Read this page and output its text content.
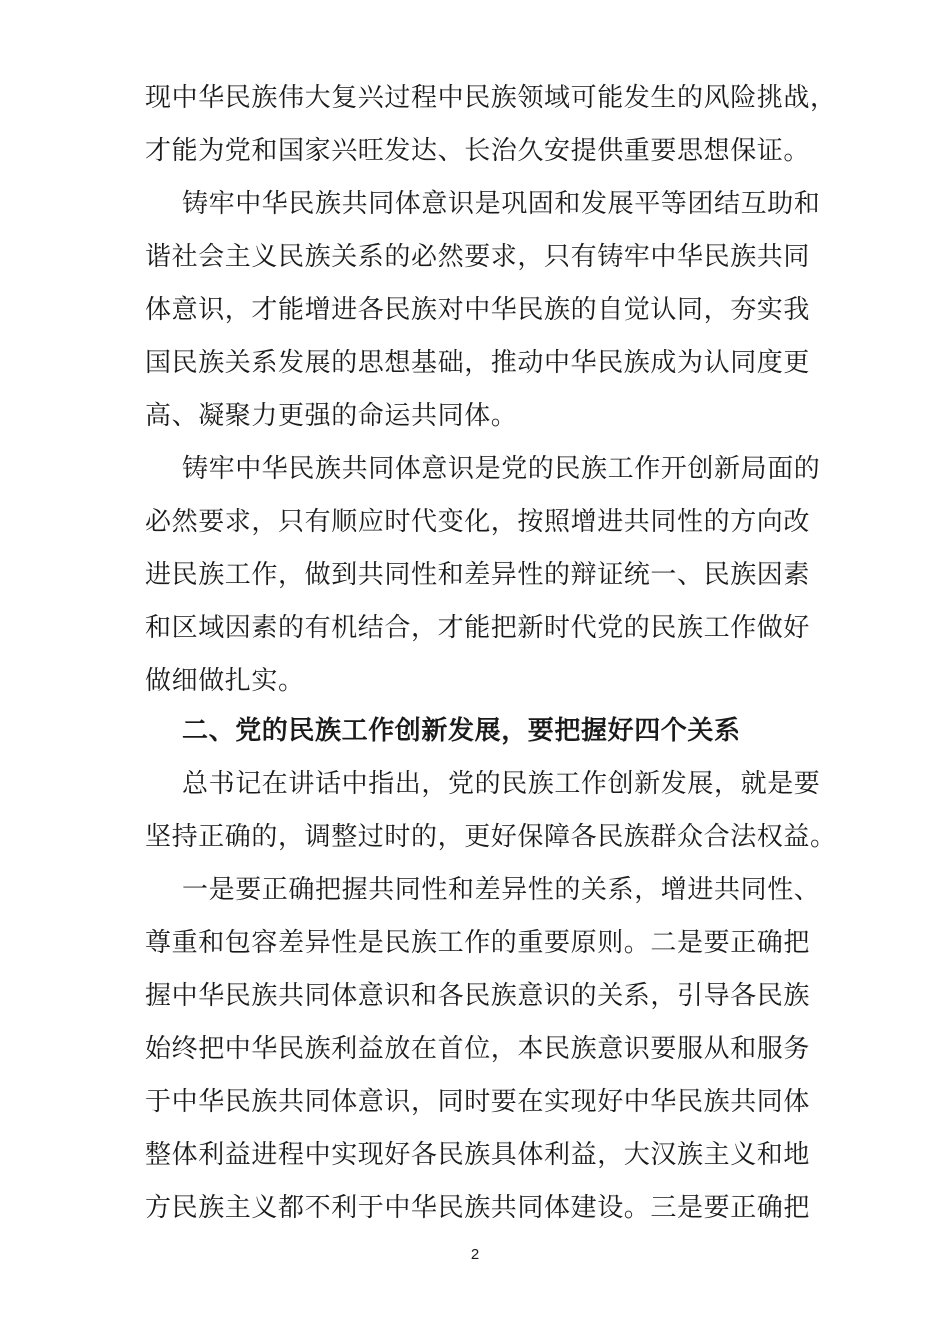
现中华民族伟大复兴过程中民族领域可能发生的风险挑战，
才能为党和国家兴旺发达、长治久安提供重要思想保证。
铸牢中华民族共同体意识是巩固和发展平等团结互助和
谐社会主义民族关系的必然要求，只有铸牢中华民族共同
体意识，才能增进各民族对中华民族的自觉认同，夯实我
国民族关系发展的思想基础，推动中华民族成为认同度更
高、凝聚力更强的命运共同体。
铸牢中华民族共同体意识是党的民族工作开创新局面的
必然要求，只有顺应时代变化，按照增进共同性的方向改
进民族工作，做到共同性和差异性的辩证统一、民族因素
和区域因素的有机结合，才能把新时代党的民族工作做好
做细做扎实。
二、党的民族工作创新发展，要把握好四个关系
总书记在讲话中指出，党的民族工作创新发展，就是要
坚持正确的，调整过时的，更好保障各民族群众合法权益。
一是要正确把握共同性和差异性的关系，增进共同性、
尊重和包容差异性是民族工作的重要原则。二是要正确把
握中华民族共同体意识和各民族意识的关系，引导各民族
始终把中华民族利益放在首位，本民族意识要服从和服务
于中华民族共同体意识，同时要在实现好中华民族共同体
整体利益进程中实现好各民族具体利益，大汉族主义和地
方民族主义都不利于中华民族共同体建设。三是要正确把
2
